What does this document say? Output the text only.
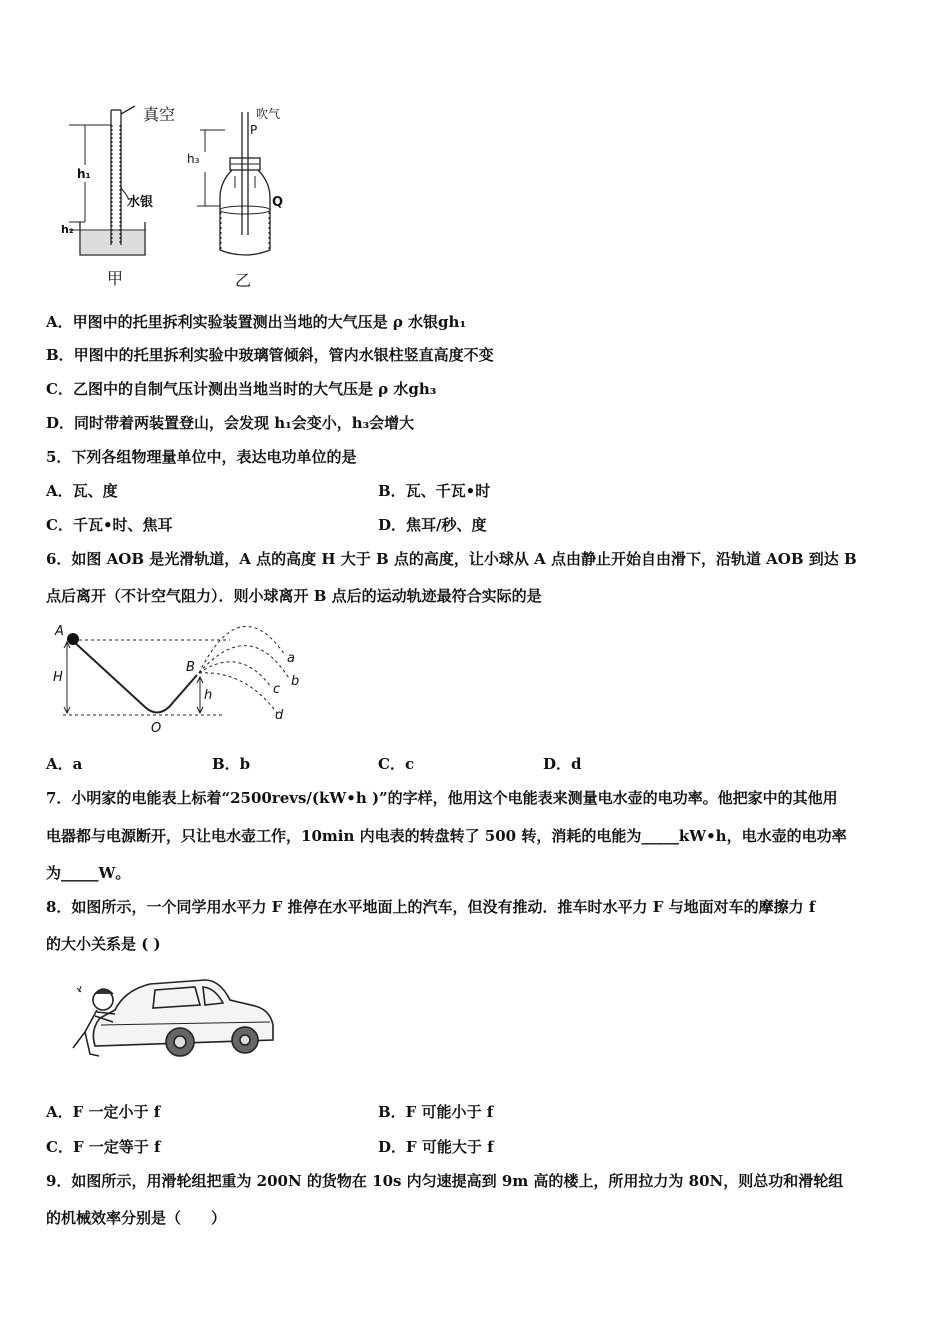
真空
h₁
水银
h₂
甲
吹气
P
h₃
Q
乙
A．甲图中的托里拆利实验装置测出当地的大气压是 ρ 水银gh₁
B．甲图中的托里拆利实验中玻璃管倾斜，管内水银柱竖直高度不变
C．乙图中的自制气压计测出当地当时的大气压是 ρ 水gh₃
D．同时带着两装置登山，会发现 h₁会变小，h₃会增大
5．下列各组物理量单位中，表达电功单位的是
A．瓦、度	B．瓦、千瓦•时
C．千瓦•时、焦耳	D．焦耳/秒、度
6．如图 AOB 是光滑轨道，A 点的高度 H 大于 B 点的高度，让小球从 A 点由静止开始自由滑下，沿轨道 AOB 到达 B
点后离开（不计空气阻力）．则小球离开 B 点后的运动轨迹最符合实际的是
A
H
B
h
O
a
b
c
d
A．a	B．b	C．c	D．d
7．小明家的电能表上标着“2500revs/(kW•h )”的字样，他用这个电能表来测量电水壶的电功率。他把家中的其他用
电器都与电源断开，只让电水壶工作，10min 内电表的转盘转了 500 转，消耗的电能为_____kW•h，电水壶的电功率
为_____W。
8．如图所示，一个同学用水平力 F 推停在水平地面上的汽车，但没有推动．推车时水平力 F 与地面对车的摩擦力 f
的大小关系是 ( )
A．F 一定小于 f	B．F 可能小于 f
C．F 一定等于 f	D．F 可能大于 f
9．如图所示，用滑轮组把重为 200N 的货物在 10s 内匀速提高到 9m 高的楼上，所用拉力为 80N，则总功和滑轮组
的机械效率分别是（　　）
